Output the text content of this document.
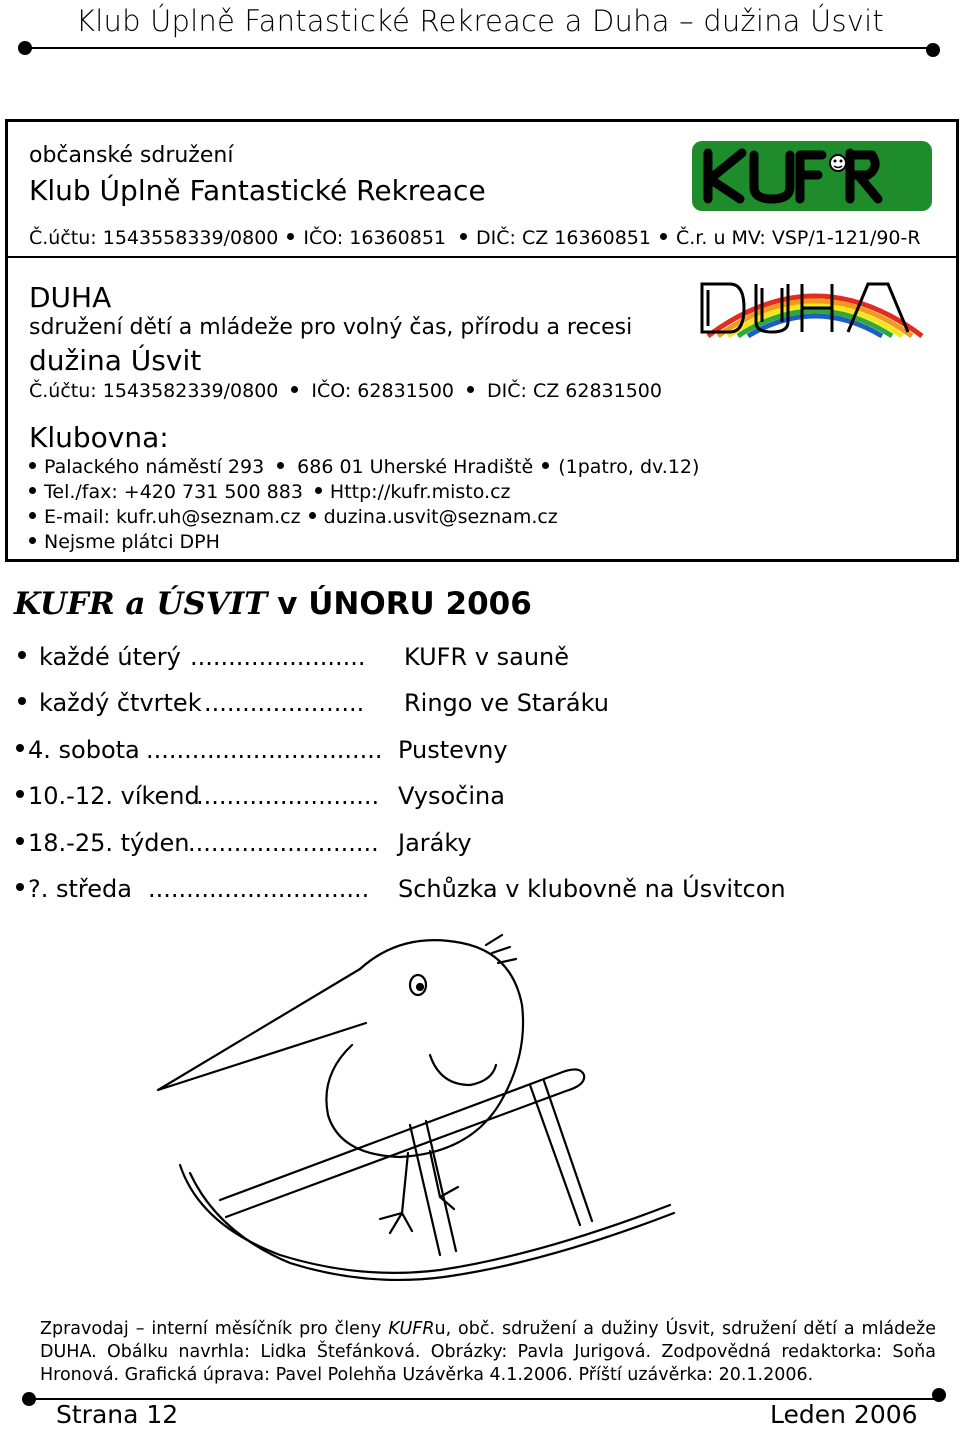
Klub Úplně Fantastické Rekreace a Duha – dužina Úsvit
občanské sdružení
Klub Úplně Fantastické Rekreace
Č.účtu: 1543558339/0800 IČO: 16360851 DIČ: CZ 16360851 Č.r. u MV: VSP/1-121/90-R
DUHA
sdružení dětí a mládeže pro volný čas, přírodu a recesi
dužina Úsvit
Č.účtu: 1543582339/0800 IČO: 62831500 DIČ: CZ 62831500
Klubovna:
Palackého náměstí 293 686 01 Uherské Hradiště (1patro, dv.12)
Tel./fax: +420 731 500 883 Http://kufr.misto.cz
E-mail: kufr.uh@seznam.cz duzina.usvit@seznam.cz
Nejsme plátci DPH
KUFR a ÚSVIT v ÚNORU 2006
každé úterý ....................... KUFR v sauně
každý čtvrtek ..................... Ringo ve Staráku
4. sobota ............................... Pustevny
10.-12. víkend
........................ Vysočina
18.-25. týden
......................... Jaráky
?. středa ............................. Schůzka v klubovně na Úsvitcon
Zpravodaj – interní měsíčník pro členy KUFRu, obč. sdružení a dužiny Úsvit, sdružení dětí a mládeže DUHA. Obálku navrhla: Lidka Štefánková. Obrázky: Pavla Jurigová. Zodpovědná redaktorka: Soňa Hronová. Grafická úprava: Pavel Polehňa Uzávěrka 4.1.2006. Příští uzávěrka: 20.1.2006.
Strana 12	Leden 2006
